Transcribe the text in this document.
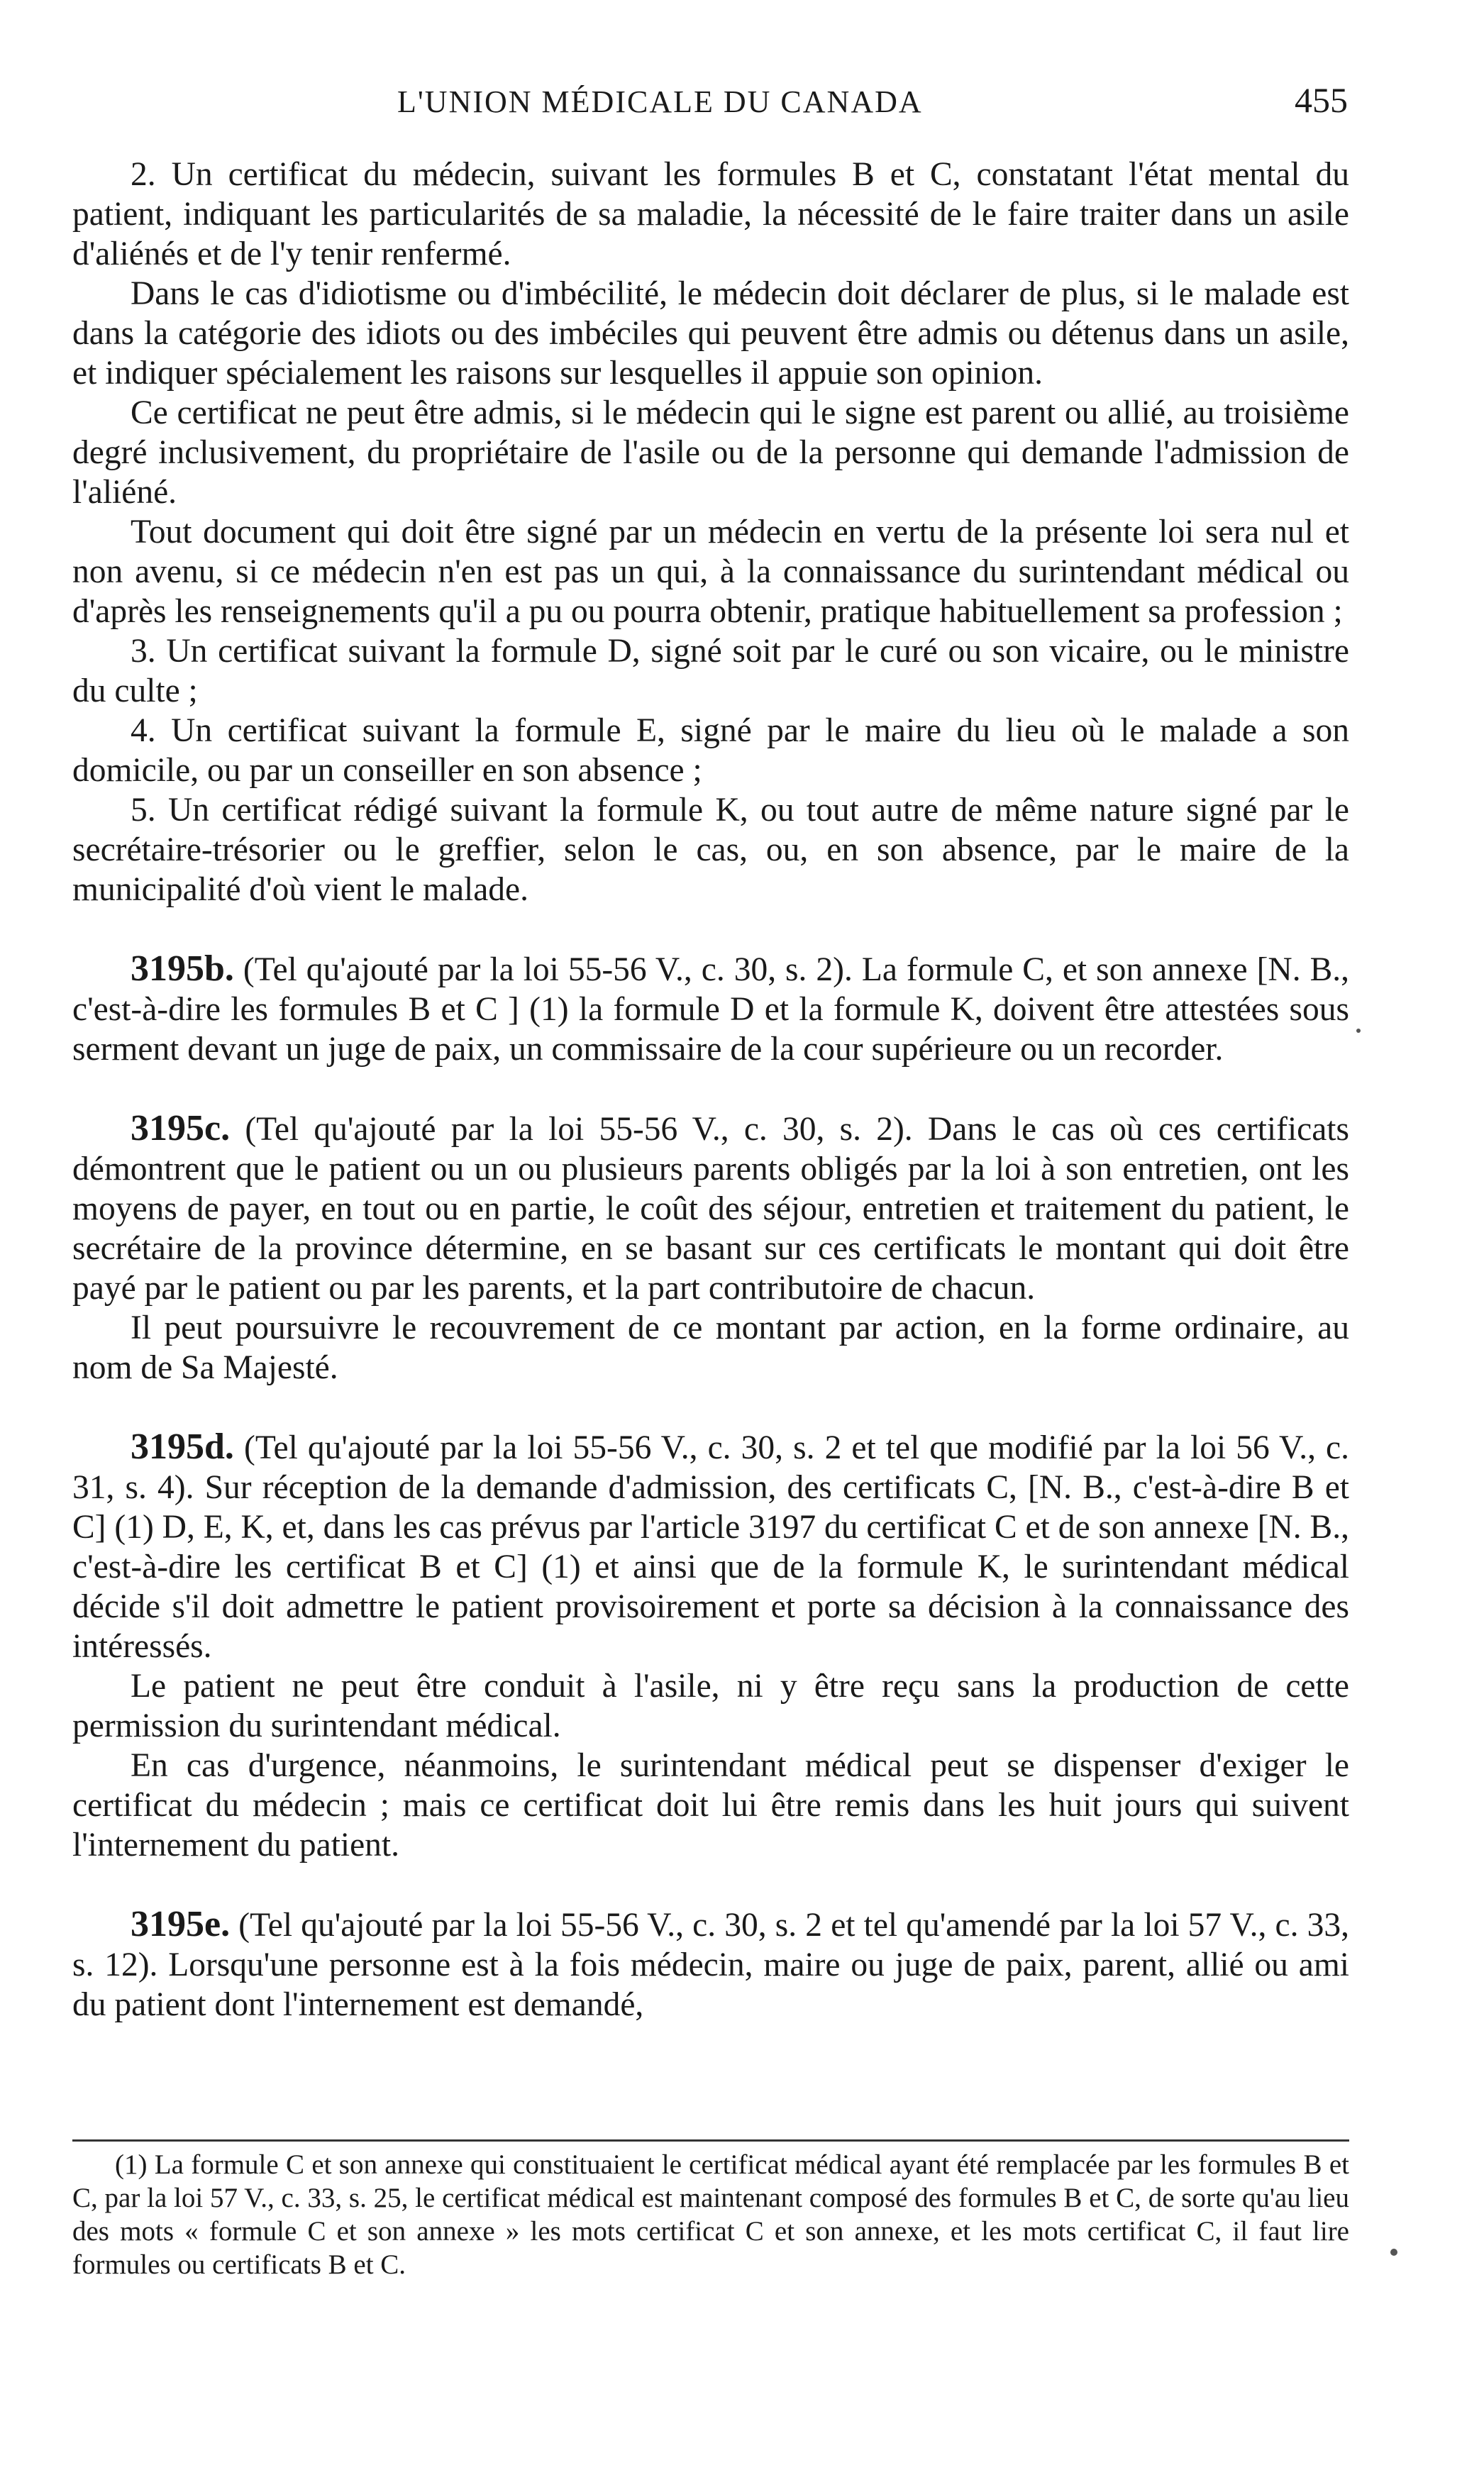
L'UNION MÉDICALE DU CANADA	455

2. Un certificat du médecin, suivant les formules B et C, constatant l'état mental du patient, indiquant les particularités de sa maladie, la nécessité de le faire traiter dans un asile d'aliénés et de l'y tenir renfermé.

Dans le cas d'idiotisme ou d'imbécilité, le médecin doit déclarer de plus, si le malade est dans la catégorie des idiots ou des imbéciles qui peuvent être admis ou détenus dans un asile, et indiquer spécialement les raisons sur lesquelles il appuie son opinion.

Ce certificat ne peut être admis, si le médecin qui le signe est parent ou allié, au troisième degré inclusivement, du propriétaire de l'asile ou de la personne qui demande l'admission de l'aliéné.

Tout document qui doit être signé par un médecin en vertu de la présente loi sera nul et non avenu, si ce médecin n'en est pas un qui, à la connaissance du surintendant médical ou d'après les renseignements qu'il a pu ou pourra obtenir, pratique habituellement sa profession ;

3. Un certificat suivant la formule D, signé soit par le curé ou son vicaire, ou le ministre du culte ;

4. Un certificat suivant la formule E, signé par le maire du lieu où le malade a son domicile, ou par un conseiller en son absence ;

5. Un certificat rédigé suivant la formule K, ou tout autre de même nature signé par le secrétaire-trésorier ou le greffier, selon le cas, ou, en son absence, par le maire de la municipalité d'où vient le malade.

3195b. (Tel qu'ajouté par la loi 55-56 V., c. 30, s. 2). La formule C, et son annexe [N. B., c'est-à-dire les formules B et C ] (1) la formule D et la formule K, doivent être attestées sous serment devant un juge de paix, un commissaire de la cour supérieure ou un recorder.

3195c. (Tel qu'ajouté par la loi 55-56 V., c. 30, s. 2). Dans le cas où ces certificats démontrent que le patient ou un ou plusieurs parents obligés par la loi à son entretien, ont les moyens de payer, en tout ou en partie, le coût des séjour, entretien et traitement du patient, le secrétaire de la province détermine, en se basant sur ces certificats le montant qui doit être payé par le patient ou par les parents, et la part contributoire de chacun.

Il peut poursuivre le recouvrement de ce montant par action, en la forme ordinaire, au nom de Sa Majesté.

3195d. (Tel qu'ajouté par la loi 55-56 V., c. 30, s. 2 et tel que modifié par la loi 56 V., c. 31, s. 4). Sur réception de la demande d'admission, des certificats C, [N. B., c'est-à-dire B et C] (1) D, E, K, et, dans les cas prévus par l'article 3197 du certificat C et de son annexe [N. B., c'est-à-dire les certificat B et C] (1) et ainsi que de la formule K, le surintendant médical décide s'il doit admettre le patient provisoirement et porte sa décision à la connaissance des intéressés.

Le patient ne peut être conduit à l'asile, ni y être reçu sans la production de cette permission du surintendant médical.

En cas d'urgence, néanmoins, le surintendant médical peut se dispenser d'exiger le certificat du médecin ; mais ce certificat doit lui être remis dans les huit jours qui suivent l'internement du patient.

3195e. (Tel qu'ajouté par la loi 55-56 V., c. 30, s. 2 et tel qu'amendé par la loi 57 V., c. 33, s. 12). Lorsqu'une personne est à la fois médecin, maire ou juge de paix, parent, allié ou ami du patient dont l'internement est demandé,

(1) La formule C et son annexe qui constituaient le certificat médical ayant été remplacée par les formules B et C, par la loi 57 V., c. 33, s. 25, le certificat médical est maintenant composé des formules B et C, de sorte qu'au lieu des mots « formule C et son annexe » les mots certificat C et son annexe, et les mots certificat C, il faut lire formules ou certificats B et C.
